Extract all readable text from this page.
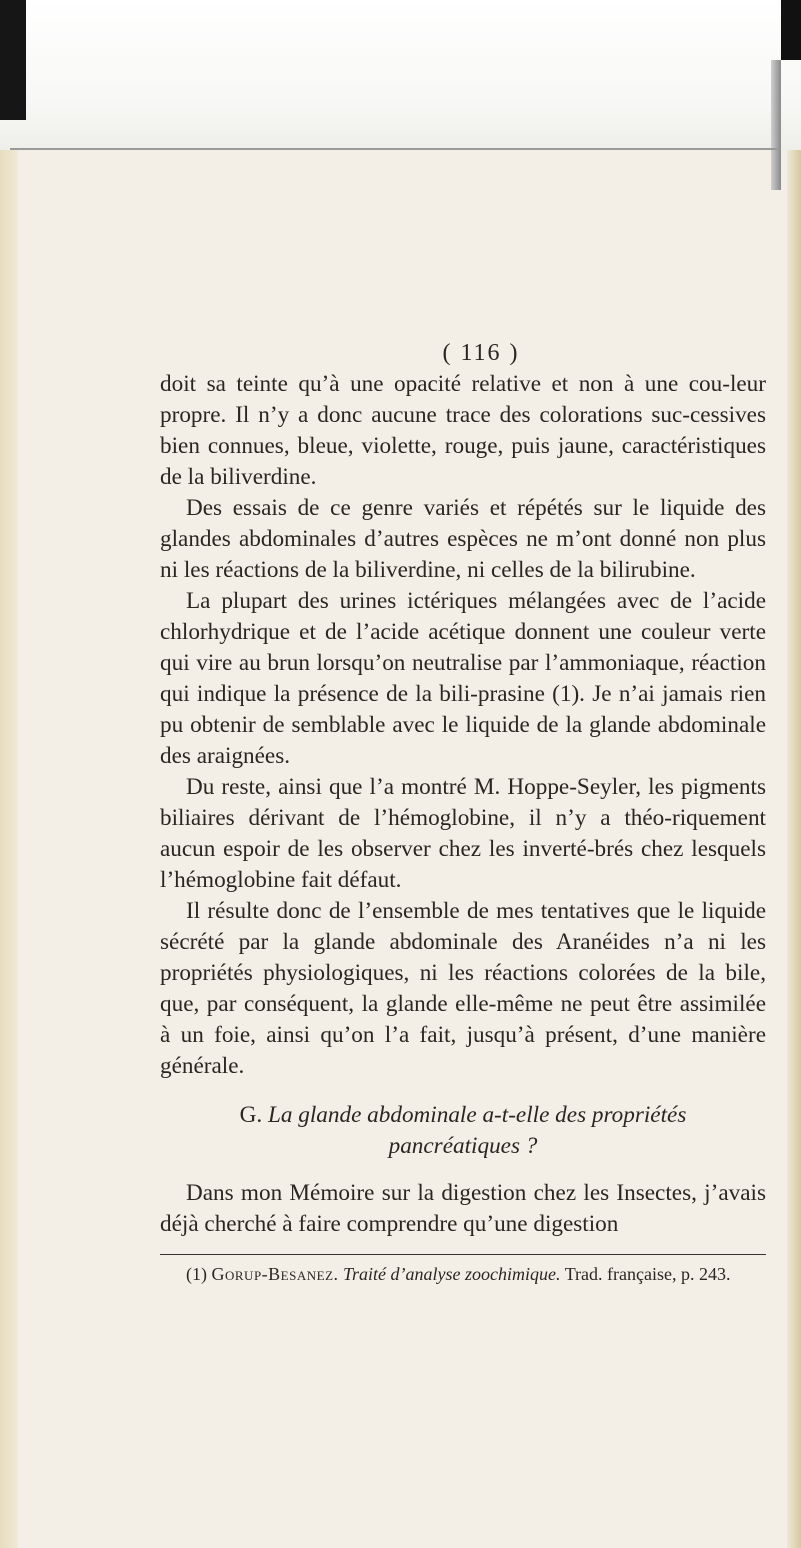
( 116 )

doit sa teinte qu’à une opacité relative et non à une cou-leur propre. Il n’y a donc aucune trace des colorations suc-cessives bien connues, bleue, violette, rouge, puis jaune, caractéristiques de la biliverdine.

Des essais de ce genre variés et répétés sur le liquide des glandes abdominales d’autres espèces ne m’ont donné non plus ni les réactions de la biliverdine, ni celles de la bilirubine.

La plupart des urines ictériques mélangées avec de l’acide chlorhydrique et de l’acide acétique donnent une couleur verte qui vire au brun lorsqu’on neutralise par l’ammoniaque, réaction qui indique la présence de la bili-prasine (1). Je n’ai jamais rien pu obtenir de semblable avec le liquide de la glande abdominale des araignées.

Du reste, ainsi que l’a montré M. Hoppe-Seyler, les pigments biliaires dérivant de l’hémoglobine, il n’y a théo-riquement aucun espoir de les observer chez les inverté-brés chez lesquels l’hémoglobine fait défaut.

Il résulte donc de l’ensemble de mes tentatives que le liquide sécrété par la glande abdominale des Aranéides n’a ni les propriétés physiologiques, ni les réactions colorées de la bile, que, par conséquent, la glande elle-même ne peut être assimilée à un foie, ainsi qu’on l’a fait, jusqu’à présent, d’une manière générale.

G. La glande abdominale a-t-elle des propriétés
pancréatiques ?

Dans mon Mémoire sur la digestion chez les Insectes, j’avais déjà cherché à faire comprendre qu’une digestion

(1) Gorup-Besanez. Traité d’analyse zoochimique. Trad. française, p. 243.
